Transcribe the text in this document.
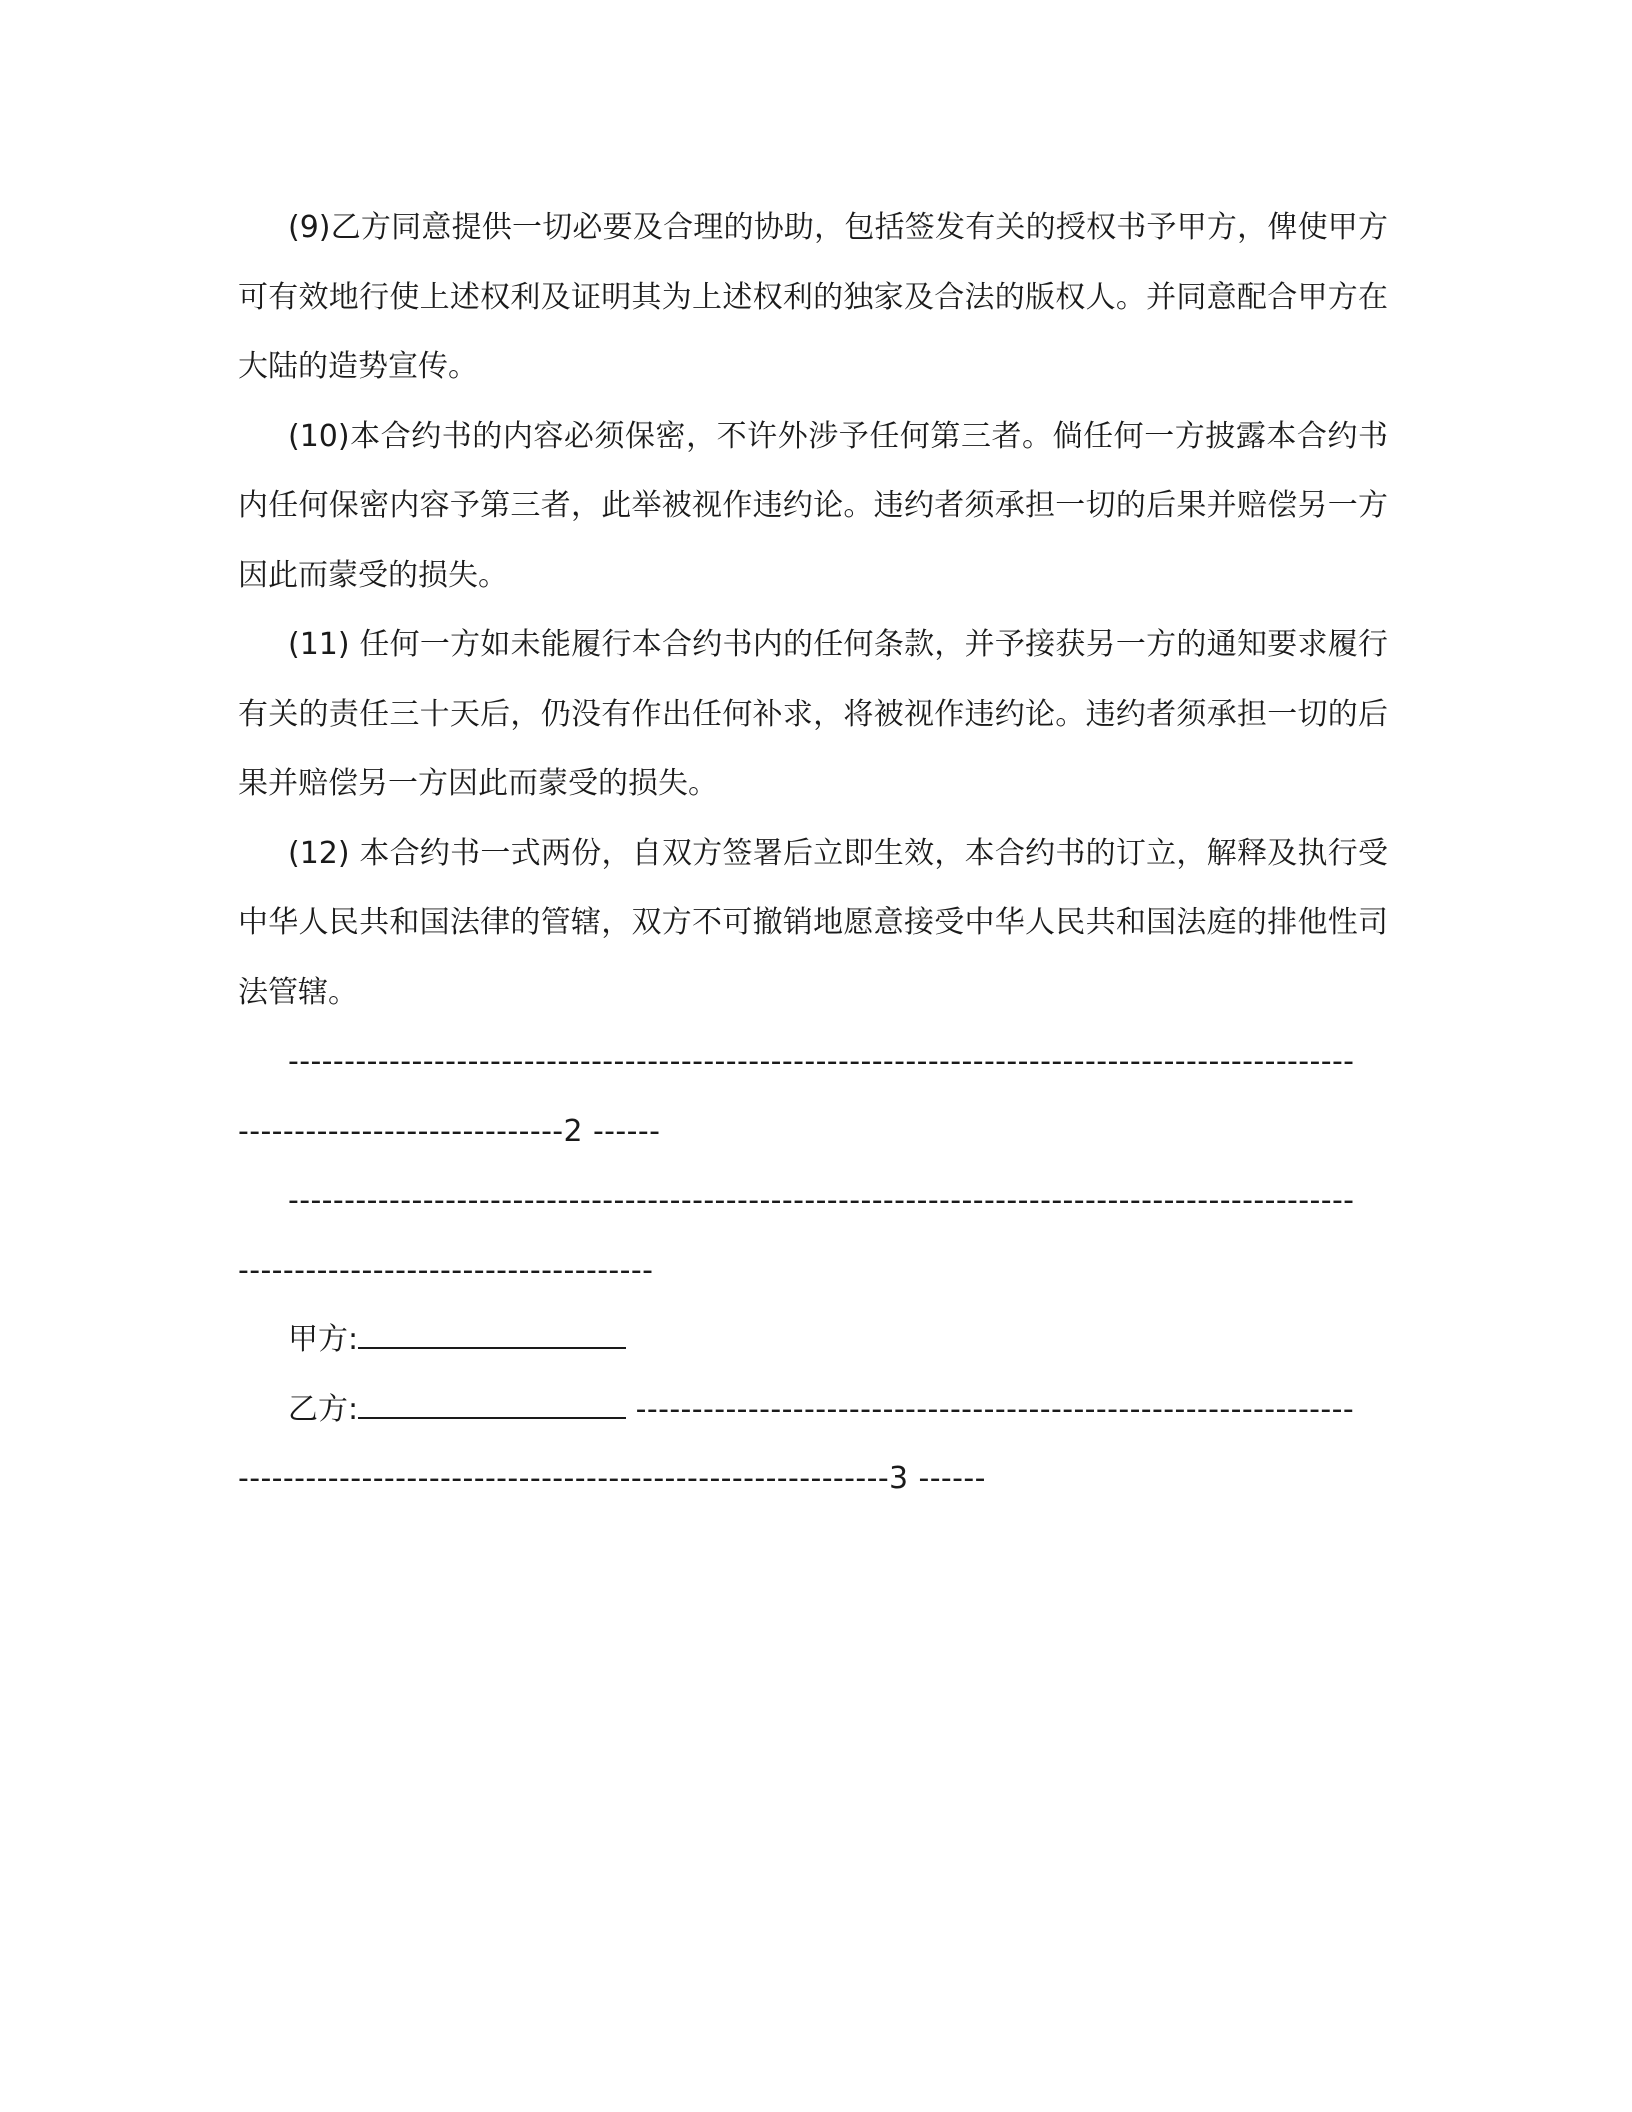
(9)乙方同意提供一切必要及合理的协助，包括签发有关的授权书予甲方，俾使甲方可有效地行使上述权利及证明其为上述权利的独家及合法的版权人。并同意配合甲方在大陆的造势宣传。

(10)本合约书的内容必须保密，不许外涉予任何第三者。倘任何一方披露本合约书内任何保密内容予第三者，此举被视作违约论。违约者须承担一切的后果并赔偿另一方因此而蒙受的损失。

(11) 任何一方如未能履行本合约书内的任何条款，并予接获另一方的通知要求履行有关的责任三十天后，仍没有作出任何补求，将被视作违约论。违约者须承担一切的后果并赔偿另一方因此而蒙受的损失。

(12) 本合约书一式两份，自双方签署后立即生效，本合约书的订立，解释及执行受中华人民共和国法律的管辖，双方不可撤销地愿意接受中华人民共和国法庭的排他性司法管辖。

-----------------------------------------------------------------------------------------------

-----------------------------2 ------

-----------------------------------------------------------------------------------------------

-------------------------------------

甲方:

乙方:	----------------------------------------------------------------

----------------------------------------------------------3 ------
